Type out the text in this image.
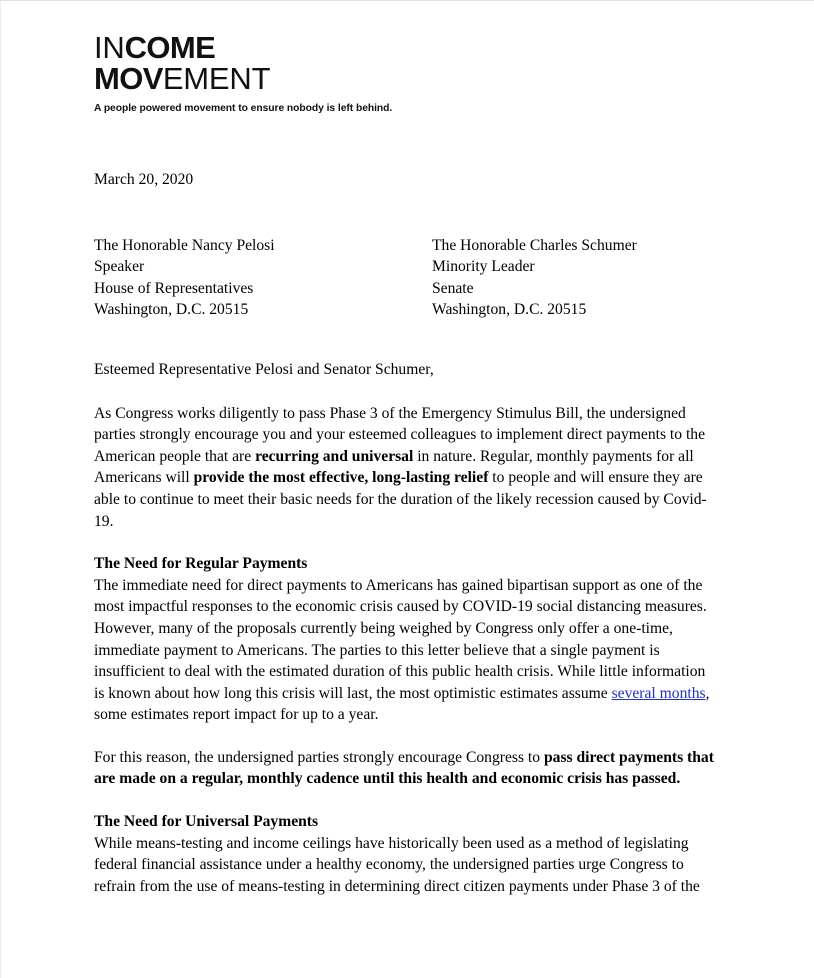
INCOME
MOVEMENT
A people powered movement to ensure nobody is left behind.

March 20, 2020

The Honorable Nancy Pelosi
Speaker
House of Representatives
Washington, D.C. 20515
The Honorable Charles Schumer
Minority Leader
Senate
Washington, D.C. 20515

Esteemed Representative Pelosi and Senator Schumer,

As Congress works diligently to pass Phase 3 of the Emergency Stimulus Bill, the undersigned parties strongly encourage you and your esteemed colleagues to implement direct payments to the American people that are recurring and universal in nature. Regular, monthly payments for all Americans will provide the most effective, long-lasting relief to people and will ensure they are able to continue to meet their basic needs for the duration of the likely recession caused by Covid-19.

The Need for Regular Payments

The immediate need for direct payments to Americans has gained bipartisan support as one of the most impactful responses to the economic crisis caused by COVID-19 social distancing measures. However, many of the proposals currently being weighed by Congress only offer a one-time, immediate payment to Americans. The parties to this letter believe that a single payment is insufficient to deal with the estimated duration of this public health crisis. While little information is known about how long this crisis will last, the most optimistic estimates assume several months, some estimates report impact for up to a year.

For this reason, the undersigned parties strongly encourage Congress to pass direct payments that are made on a regular, monthly cadence until this health and economic crisis has passed.

The Need for Universal Payments

While means-testing and income ceilings have historically been used as a method of legislating federal financial assistance under a healthy economy, the undersigned parties urge Congress to refrain from the use of means-testing in determining direct citizen payments under Phase 3 of the
